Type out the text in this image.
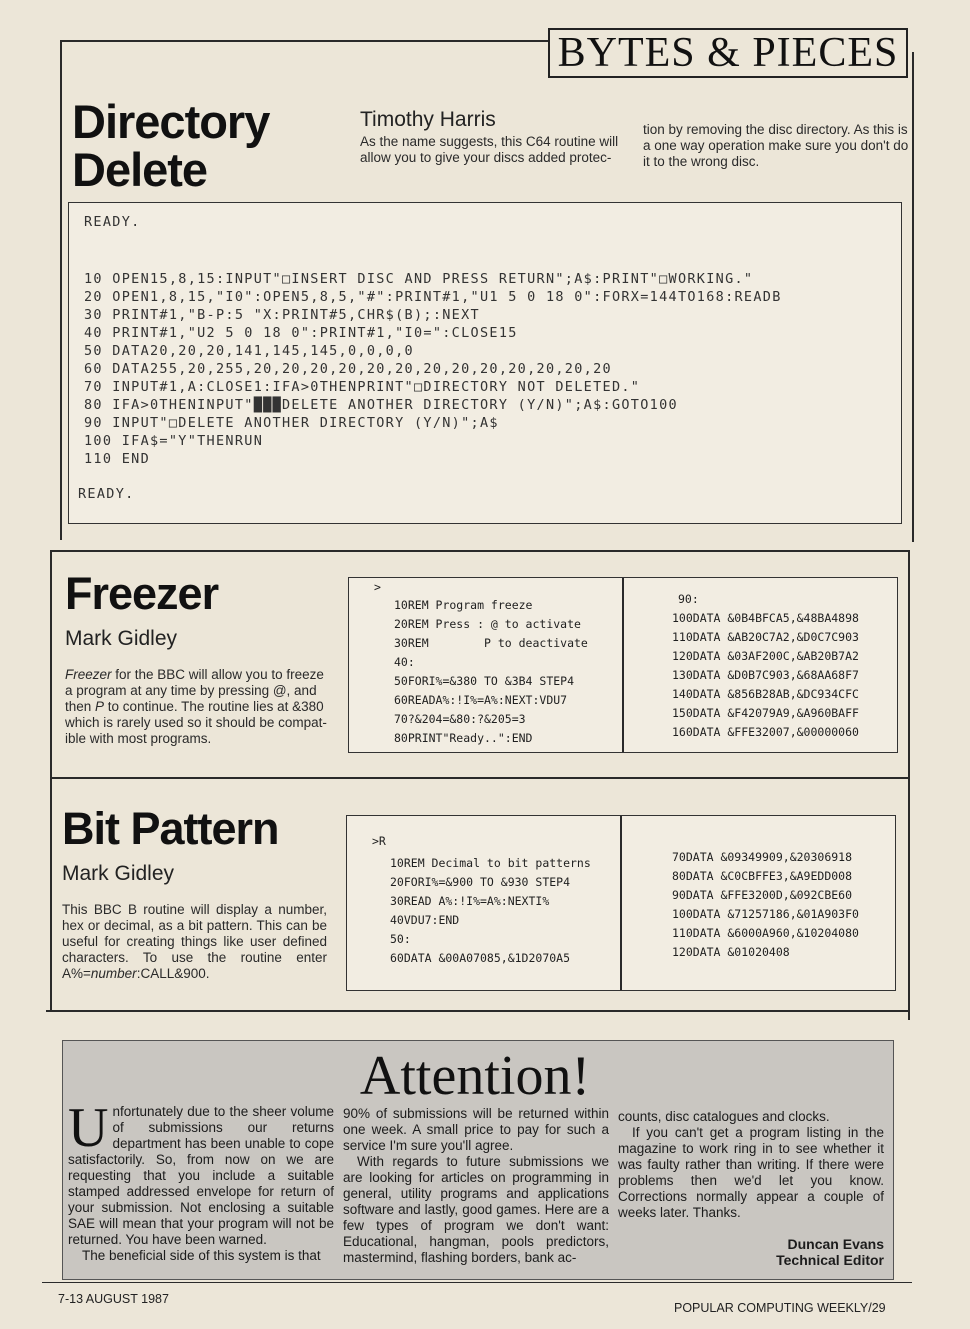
BYTES & PIECES
Directory
Delete
Timothy Harris
As the name suggests, this C64 routine will allow you to give your discs added protec-
tion by removing the disc directory. As this is a one way operation make sure you don't do it to the wrong disc.
READY.
10 OPEN15,8,15:INPUT"□INSERT DISC AND PRESS RETURN";A$:PRINT"□WORKING."
20 OPEN1,8,15,"I0":OPEN5,8,5,"#":PRINT#1,"U1 5 0 18 0":FORX=144TO168:READB
30 PRINT#1,"B-P:5 "X:PRINT#5,CHR$(B);:NEXT
40 PRINT#1,"U2 5 0 18 0":PRINT#1,"I0=":CLOSE15
50 DATA20,20,20,141,145,145,0,0,0,0
60 DATA255,20,255,20,20,20,20,20,20,20,20,20,20,20,20,20
70 INPUT#1,A:CLOSE1:IFA>0THENPRINT"□DIRECTORY NOT DELETED."
80 IFA>0THENINPUT"███DELETE ANOTHER DIRECTORY (Y/N)";A$:GOTO100
90 INPUT"□DELETE ANOTHER DIRECTORY (Y/N)";A$
100 IFA$="Y"THENRUN
110 END
READY.
Freezer
Mark Gidley
Freezer for the BBC will allow you to freeze a program at any time by pressing @, and then P to continue. The routine lies at &380 which is rarely used so it should be compat-ible with most programs.
>
10REM Program freeze
20REM Press : @ to activate
30REM        P to deactivate
40:
50FORI%=&380 TO &3B4 STEP4
60READA%:!I%=A%:NEXT:VDU7
70?&204=&80:?&205=3
80PRINT"Ready..":END
90:
100DATA &0B4BFCA5,&48BA4898
110DATA &AB20C7A2,&D0C7C903
120DATA &03AF200C,&AB20B7A2
130DATA &D0B7C903,&68AA68F7
140DATA &856B28AB,&DC934CFC
150DATA &F42079A9,&A960BAFF
160DATA &FFE32007,&00000060
Bit Pattern
Mark Gidley
This BBC B routine will display a number, hex or decimal, as a bit pattern. This can be useful for creating things like user defined characters. To use the routine enter A%=number:CALL&900.
>R
10REM Decimal to bit patterns
20FORI%=&900 TO &930 STEP4
30READ A%:!I%=A%:NEXTI%
40VDU7:END
50:
60DATA &00A07085,&1D2070A5
70DATA &09349909,&20306918
80DATA &C0CBFFE3,&A9EDD008
90DATA &FFE3200D,&092CBE60
100DATA &71257186,&01A903F0
110DATA &6000A960,&10204080
120DATA &01020408
Attention!
Unfortunately due to the sheer volume of submissions our returns department has been unable to cope satisfactorily. So, from now on we are requesting that you include a suitable stamped addressed envelope for return of your submission. Not enclosing a suitable SAE will mean that your program will not be returned. You have been warned.
The beneficial side of this system is that
90% of submissions will be returned within one week. A small price to pay for such a service I'm sure you'll agree.
With regards to future submissions we are looking for articles on programming in general, utility programs and applications software and lastly, good games. Here are a few types of program we don't want: Educational, hangman, pools predictors, mastermind, flashing borders, bank ac-
counts, disc catalogues and clocks.
If you can't get a program listing in the magazine to work ring in to see whether it was faulty rather than writing. If there were problems then we'd let you know. Corrections normally appear a couple of weeks later. Thanks.
Duncan Evans
Technical Editor
7-13 AUGUST 1987
POPULAR COMPUTING WEEKLY/29
